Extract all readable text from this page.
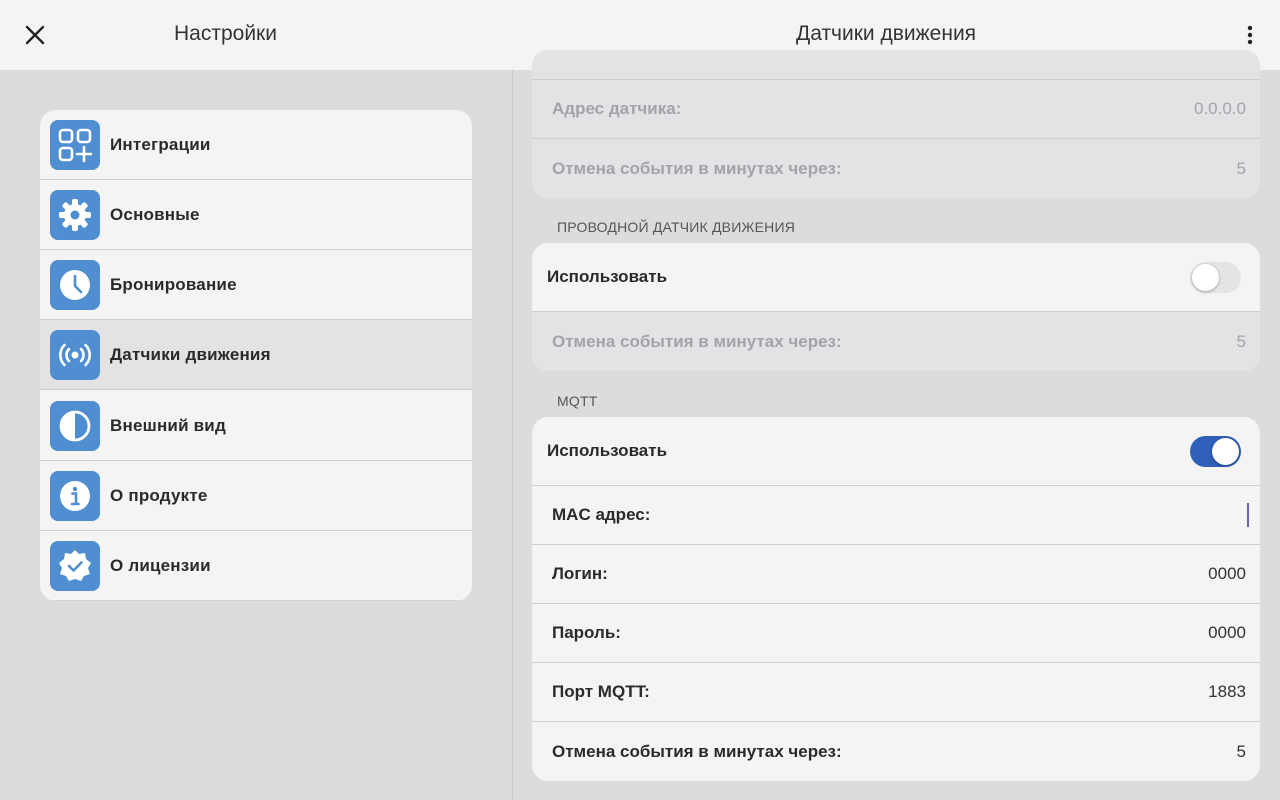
Настройки	Датчики движения
Интеграции
Основные
Бронирование
Датчики движения
Внешний вид
О продукте
О лицензии
Адрес датчика:	0.0.0.0
Отмена события в минутах через:	5
ПРОВОДНОЙ ДАТЧИК ДВИЖЕНИЯ
Использовать
Отмена события в минутах через:	5
MQTT
Использовать
MAC адрес:
Логин:	0000
Пароль:	0000
Порт MQTT:	1883
Отмена события в минутах через:	5
